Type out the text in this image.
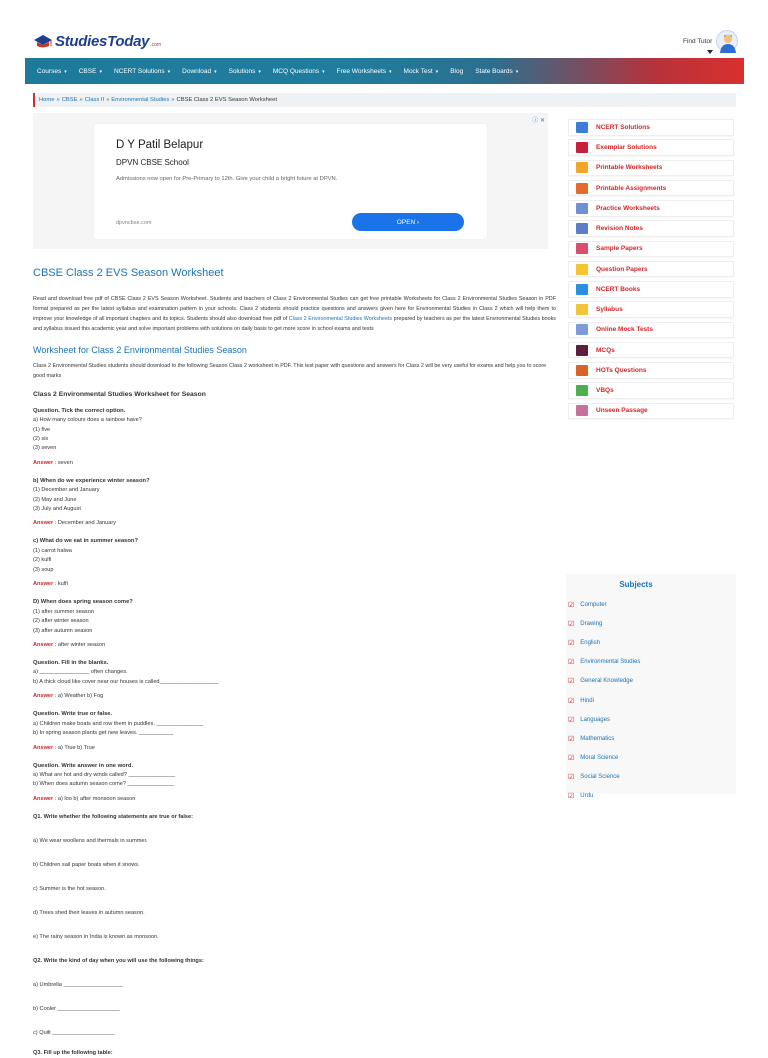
StudiesToday .com	Find Tutor
Courses ▾ CBSE ▾ NCERT Solutions ▾ Download ▾ Solutions ▾ MCQ Questions ▾ Free Worksheets ▾ Mock Test ▾ Blog State Boards ▾
Home » CBSE » Class II » Environmental Studies » CBSE Class 2 EVS Season Worksheet
ⓘ ✕
D Y Patil Belapur
DPVN CBSE School
Admissions now open for Pre-Primary to 12th. Give your child a bright future at DPVN.
dpvncbse.com	OPEN ›
CBSE Class 2 EVS Season Worksheet
Read and download free pdf of CBSE Class 2 EVS Season Worksheet. Students and teachers of Class 2 Environmental Studies can get free printable Worksheets for Class 2 Environmental Studies Season in PDF format prepared as per the latest syllabus and examination pattern in your schools. Class 2 students should practice questions and answers given here for Environmental Studies in Class 2 which will help them to improve your knowledge of all important chapters and its topics. Students should also download free pdf of Class 2 Environmental Studies Worksheets prepared by teachers as per the latest Environmental Studies books and syllabus issued this academic year and solve important problems with solutions on daily basis to get more score in school exams and tests
Worksheet for Class 2 Environmental Studies Season
Class 2 Environmental Studies students should download to the following Season Class 2 worksheet in PDF. This test paper with questions and answers for Class 2 will be very useful for exams and help you to score good marks
Class 2 Environmental Studies Worksheet for Season
Question. Tick the correct option.
a) How many colours does a rainbow have?
(1) five
(2) six
(3) seven
Answer : seven
b) When do we experience winter season?
(1) December and January
(2) May and June
(3) July and August
Answer : December and January
c) What do we eat in summer season?
(1) carrot halwa
(2) kulfi
(3) soup
Answer : kulfi
D) When does spring season come?
(1) after summer season
(2) after winter season
(3) after autumn season
Answer : after winter season
Question. Fill in the blanks.
a) ________________ often changes.
b) A thick cloud like cover near our houses is called___________________
Answer : a) Weather b) Fog
Question. Write true or false.
a) Children make boats and row them in puddles. _______________
b) In spring season plants get new leaves. ___________
Answer : a) True b) True
Question. Write answer in one word.
a) What are hot and dry winds called? _______________
b) When does autumn season come? _______________
Answer : a) loo b) after monsoon season
Q1. Write whether the following statements are true or false:
a) We wear woollens and thermals in summer.
b) Children sail paper boats when it snows.
c) Summer is the hot season.
d) Trees shed their leaves in autumn season.
e) The rainy season in India is known as monsoon.
Q2. Write the kind of day when you will use the following things:
a) Umbrella ___________________
b) Cooler ____________________
c) Quilt ____________________
Q3. Fill up the following table:
NCERT Solutions
Exemplar Solutions
Printable Worksheets
Printable Assignments
Practice Worksheets
Revision Notes
Sample Papers
Question Papers
NCERT Books
Syllabus
Online Mock Tests
MCQs
HOTs Questions
VBQs
Unseen Passage
Subjects
☑ Computer
☑ Drawing
☑ English
☑ Environmental Studies
☑ General Knowledge
☑ Hindi
☑ Languages
☑ Mathematics
☑ Moral Science
☑ Social Science
☑ Urdu
